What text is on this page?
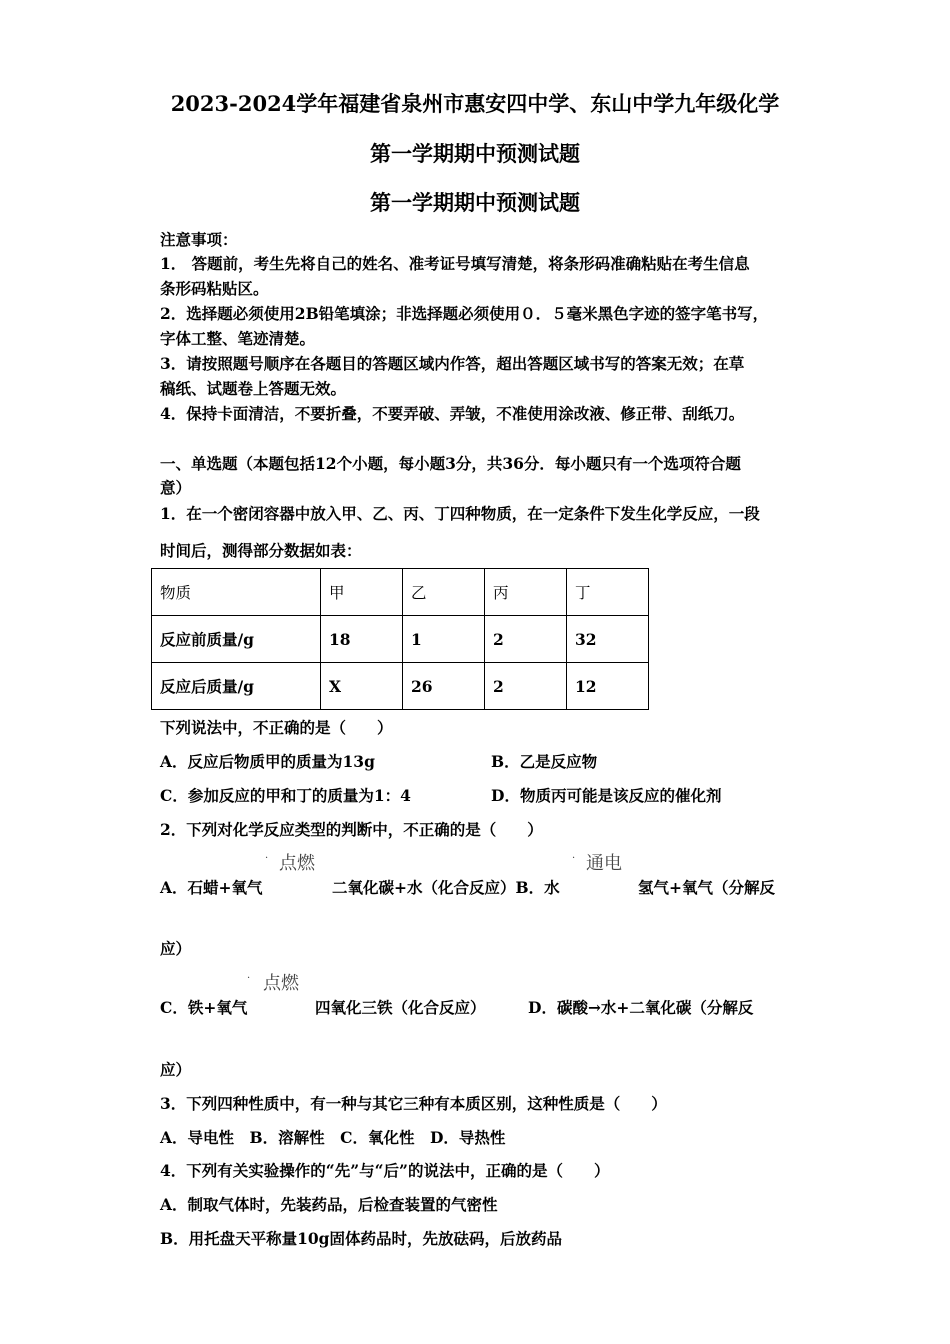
2023-2024学年福建省泉州市惠安四中学、东山中学九年级化学
第一学期期中预测试题
第一学期期中预测试题
注意事项：
1． 答题前，考生先将自己的姓名、准考证号填写清楚，将条形码准确粘贴在考生信息
条形码粘贴区。
2．选择题必须使用2B铅笔填涂；非选择题必须使用０．５毫米黑色字迹的签字笔书写，
字体工整、笔迹清楚。
3．请按照题号顺序在各题目的答题区域内作答，超出答题区域书写的答案无效；在草
稿纸、试题卷上答题无效。
4．保持卡面清洁，不要折叠，不要弄破、弄皱，不准使用涂改液、修正带、刮纸刀。
一、单选题（本题包括12个小题，每小题3分，共36分．每小题只有一个选项符合题
意）
1．在一个密闭容器中放入甲、乙、丙、丁四种物质，在一定条件下发生化学反应，一段
时间后，测得部分数据如表：
物质	甲	乙	丙	丁
反应前质量/g	18	1	2	32
反应后质量/g	X	26	2	12
下列说法中，不正确的是（　　）
A．反应后物质甲的质量为13g	B．乙是反应物
C．参加反应的甲和丁的质量为1：4	D．物质丙可能是该反应的催化剂
2．下列对化学反应类型的判断中，不正确的是（　　）
· 点燃	· 通电
A．石蜡+氧气	二氧化碳+水（化合反应）B．水	氢气+氧气（分解反
应）
· 点燃
C．铁+氧气	四氧化三铁（化合反应）	D．碳酸→水+二氧化碳（分解反
应）
3．下列四种性质中，有一种与其它三种有本质区别，这种性质是（　　）
A．导电性　B．溶解性　C．氧化性　D．导热性
4．下列有关实验操作的“先”与“后”的说法中，正确的是（　　）
A．制取气体时，先装药品，后检查装置的气密性
B．用托盘天平称量10g固体药品时，先放砝码，后放药品
